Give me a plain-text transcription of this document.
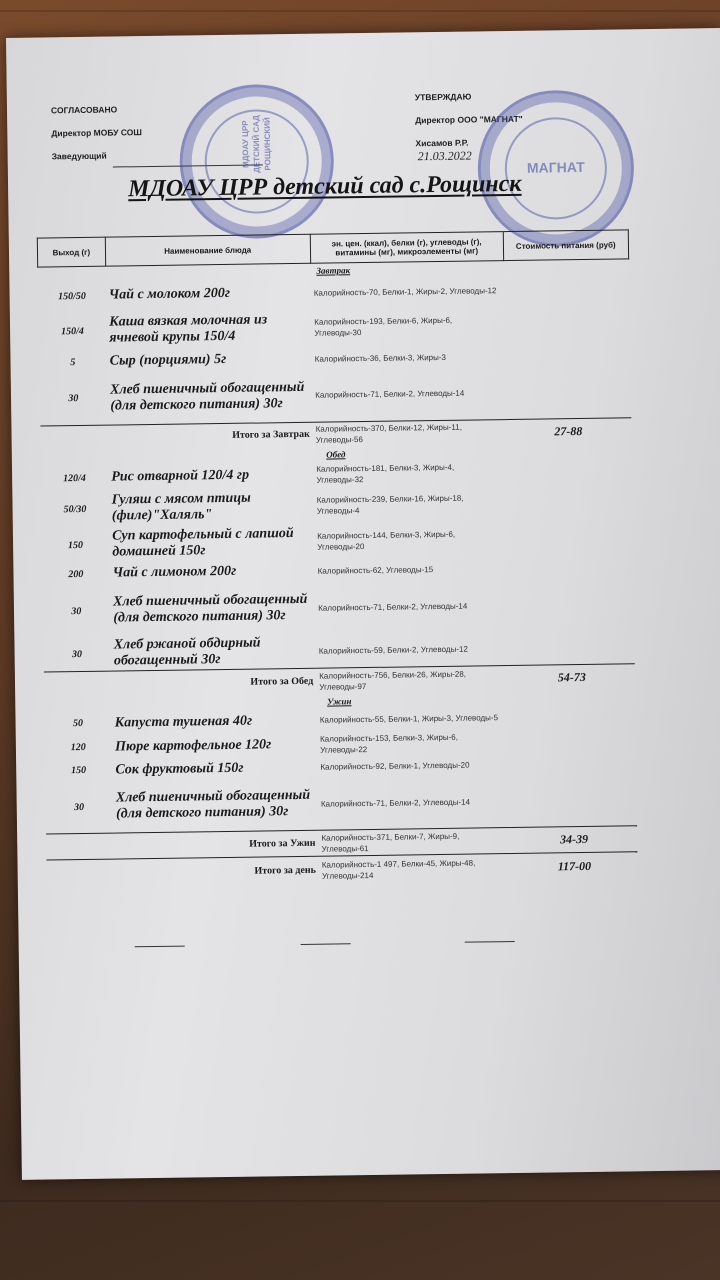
СОГЛАСОВАНО
Директор МОБУ СОШ
Заведующий
УТВЕРЖДАЮ
Директор ООО "МАГНАТ"
Хисамов Р.Р.
21.03.2022
МДОАУ ЦРР ДЕТСКИЙ САД РОЩИНСКИЙ	МАГНАТ
МДОАУ ЦРР детский сад с.Рощинск
Выход (г)	Наименование блюда	эн. цен. (ккал), белки (г), углеводы (г), витамины (мг), микроэлементы (мг)	Стоимость питания (руб)
Завтрак			
150/50	Чай с молоком 200г	Калорийность-70, Белки-1, Жиры-2, Углеводы-12	
150/4	Каша вязкая молочная из ячневой крупы 150/4	Калорийность-193, Белки-6, Жиры-6, Углеводы-30	
5	Сыр (порциями) 5г	Калорийность-36, Белки-3, Жиры-3	
30	Хлеб пшеничный обогащенный (для детского питания) 30г	Калорийность-71, Белки-2, Углеводы-14	
	Итого за Завтрак	Калорийность-370, Белки-12, Жиры-11, Углеводы-56	27-88
Обед			
120/4	Рис отварной 120/4 гр	Калорийность-181, Белки-3, Жиры-4, Углеводы-32	
50/30	Гуляш с мясом птицы (филе)"Халяль"	Калорийность-239, Белки-16, Жиры-18, Углеводы-4	
150	Суп картофельный с лапшой домашней 150г	Калорийность-144, Белки-3, Жиры-6, Углеводы-20	
200	Чай с лимоном 200г	Калорийность-62, Углеводы-15	
30	Хлеб пшеничный обогащенный (для детского питания) 30г	Калорийность-71, Белки-2, Углеводы-14	
30	Хлеб ржаной обдирный обогащенный 30г	Калорийность-59, Белки-2, Углеводы-12	
	Итого за Обед	Калорийность-756, Белки-26, Жиры-28, Углеводы-97	54-73
Ужин			
50	Капуста тушеная 40г	Калорийность-55, Белки-1, Жиры-3, Углеводы-5	
120	Пюре картофельное 120г	Калорийность-153, Белки-3, Жиры-6, Углеводы-22	
150	Сок фруктовый 150г	Калорийность-92, Белки-1, Углеводы-20	
30	Хлеб пшеничный обогащенный (для детского питания) 30г	Калорийность-71, Белки-2, Углеводы-14	
	Итого за Ужин	Калорийность-371, Белки-7, Жиры-9, Углеводы-61	34-39
	Итого за день	Калорийность-1 497, Белки-45, Жиры-48, Углеводы-214	117-00
